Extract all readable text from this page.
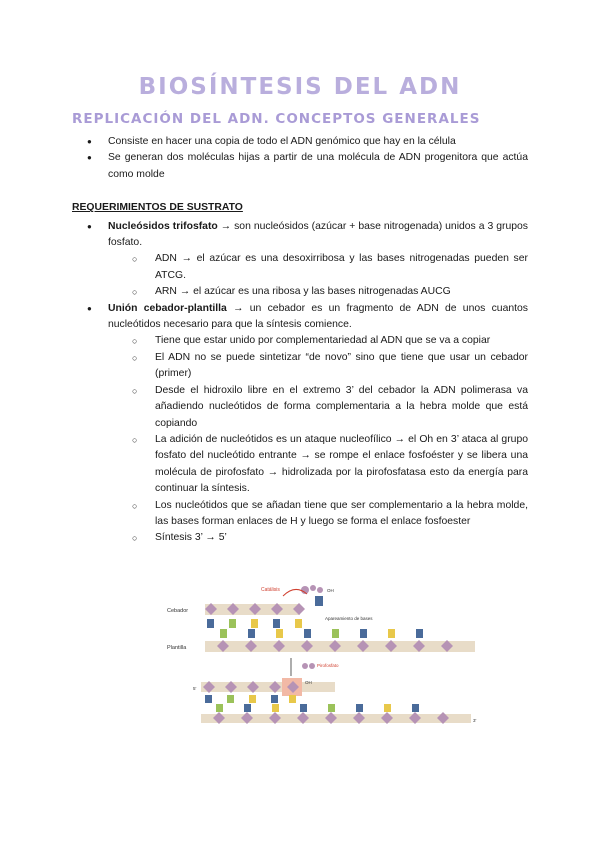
BIOSÍNTESIS DEL ADN
REPLICACIÓN DEL ADN. CONCEPTOS GENERALES
● Consiste en hacer una copia de todo el ADN genómico que hay en la célula
● Se generan dos moléculas hijas a partir de una molécula de ADN progenitora que actúa como molde
REQUERIMIENTOS DE SUSTRATO
● Nucleósidos trifosfato → son nucleósidos (azúcar + base nitrogenada) unidos a 3 grupos fosfato.
○ ADN → el azúcar es una desoxirribosa y las bases nitrogenadas pueden ser ATCG.
○ ARN → el azúcar es una ribosa y las bases nitrogenadas AUCG
● Unión cebador-plantilla → un cebador es un fragmento de ADN de unos cuantos nucleótidos necesario para que la síntesis comience.
○ Tiene que estar unido por complementariedad al ADN que se va a copiar
○ El ADN no se puede sintetizar “de novo” sino que tiene que usar un cebador (primer)
○ Desde el hidroxilo libre en el extremo 3’ del cebador la ADN polimerasa va añadiendo nucleótidos de forma complementaria a la hebra molde que está copiando
○ La adición de nucleótidos es un ataque nucleofílico → el Oh en 3’ ataca al grupo fosfato del nucleótido entrante → se rompe el enlace fosfoéster y se libera una molécula de pirofosfato → hidrolizada por la pirofosfatasa esto da energía para continuar la síntesis.
○ Los nucleótidos que se añadan tiene que ser complementario a la hebra molde, las bases forman enlaces de H y luego se forma el enlace fosfoester
○ Síntesis 3’ → 5’
Cebador
Plantilla
Catálisis
Apareamiento de bases
OH
Pirofosfato
OH
5'
3'
